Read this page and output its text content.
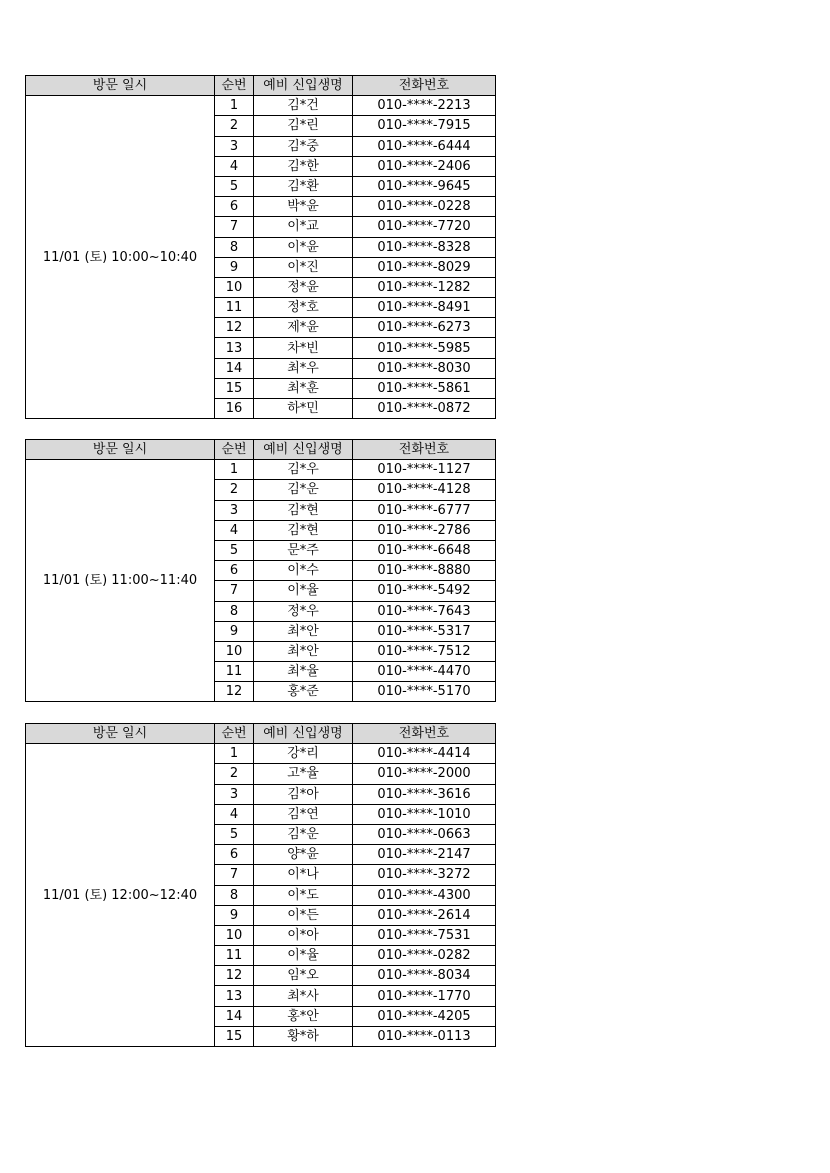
방문 일시	순번	예비 신입생명	전화번호
11/01 (토) 10:00~10:40	1	김*건	010-****-2213
	2	김*린	010-****-7915
	3	김*중	010-****-6444
	4	김*한	010-****-2406
	5	김*환	010-****-9645
	6	박*윤	010-****-0228
	7	이*교	010-****-7720
	8	이*윤	010-****-8328
	9	이*진	010-****-8029
	10	정*윤	010-****-1282
	11	정*호	010-****-8491
	12	제*윤	010-****-6273
	13	차*빈	010-****-5985
	14	최*우	010-****-8030
	15	최*훈	010-****-5861
	16	하*민	010-****-0872
방문 일시	순번	예비 신입생명	전화번호
11/01 (토) 11:00~11:40	1	김*우	010-****-1127
	2	김*운	010-****-4128
	3	김*현	010-****-6777
	4	김*현	010-****-2786
	5	문*주	010-****-6648
	6	이*수	010-****-8880
	7	이*율	010-****-5492
	8	정*우	010-****-7643
	9	최*안	010-****-5317
	10	최*안	010-****-7512
	11	최*율	010-****-4470
	12	홍*준	010-****-5170
방문 일시	순번	예비 신입생명	전화번호
11/01 (토) 12:00~12:40	1	강*리	010-****-4414
	2	고*율	010-****-2000
	3	김*아	010-****-3616
	4	김*연	010-****-1010
	5	김*운	010-****-0663
	6	양*윤	010-****-2147
	7	이*나	010-****-3272
	8	이*도	010-****-4300
	9	이*든	010-****-2614
	10	이*아	010-****-7531
	11	이*율	010-****-0282
	12	임*오	010-****-8034
	13	최*사	010-****-1770
	14	홍*안	010-****-4205
	15	황*하	010-****-0113
